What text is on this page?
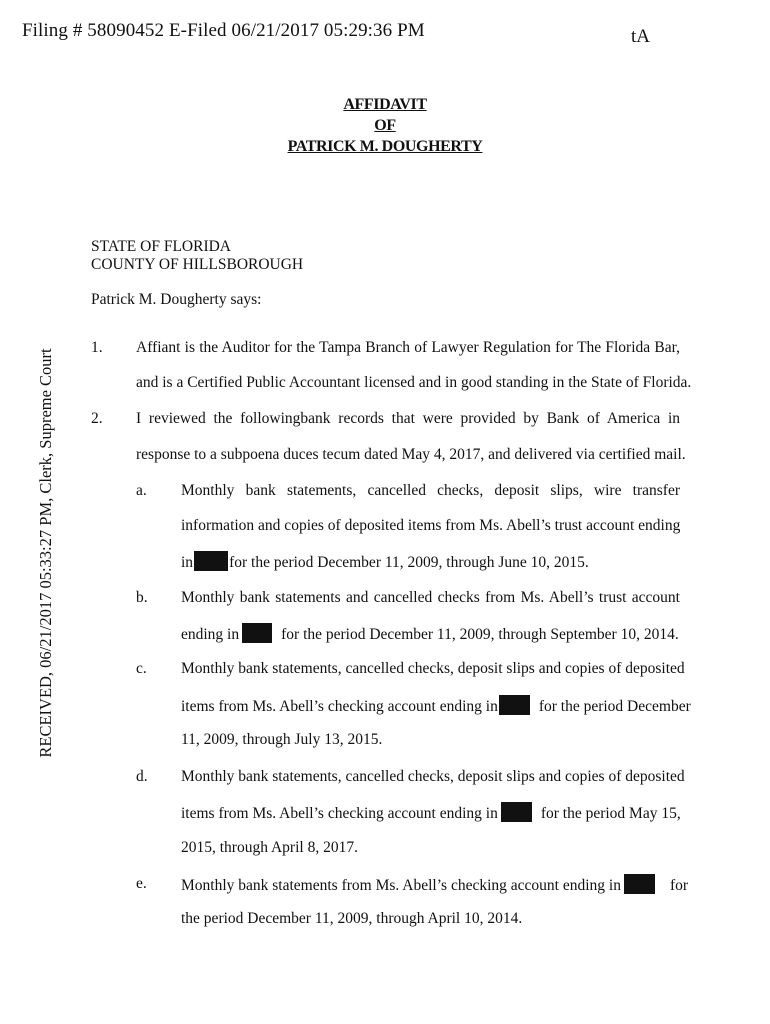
Filing # 58090452 E-Filed 06/21/2017 05:29:36 PM	tA
RECEIVED, 06/21/2017 05:33:27 PM, Clerk, Supreme Court
AFFIDAVIT
OF
PATRICK M. DOUGHERTY
STATE OF FLORIDA
COUNTY OF HILLSBOROUGH
Patrick M. Dougherty says:
1. Affiant is the Auditor for the Tampa Branch of Lawyer Regulation for The Florida Bar,
and is a Certified Public Accountant licensed and in good standing in the State of Florida.
2. I reviewed the followingbank records that were provided by Bank of America in
response to a subpoena duces tecum dated May 4, 2017, and delivered via certified mail.
a. Monthly bank statements, cancelled checks, deposit slips, wire transfer
information and copies of deposited items from Ms. Abell’s trust account ending
in for the period December 11, 2009, through June 10, 2015.
b. Monthly bank statements and cancelled checks from Ms. Abell’s trust account
ending in	for the period December 11, 2009, through September 10, 2014.
c. Monthly bank statements, cancelled checks, deposit slips and copies of deposited
items from Ms. Abell’s checking account ending in	for the period December
11, 2009, through July 13, 2015.
d. Monthly bank statements, cancelled checks, deposit slips and copies of deposited
items from Ms. Abell’s checking account ending in	for the period May 15,
2015, through April 8, 2017.
e. Monthly bank statements from Ms. Abell’s checking account ending in	for
the period December 11, 2009, through April 10, 2014.
